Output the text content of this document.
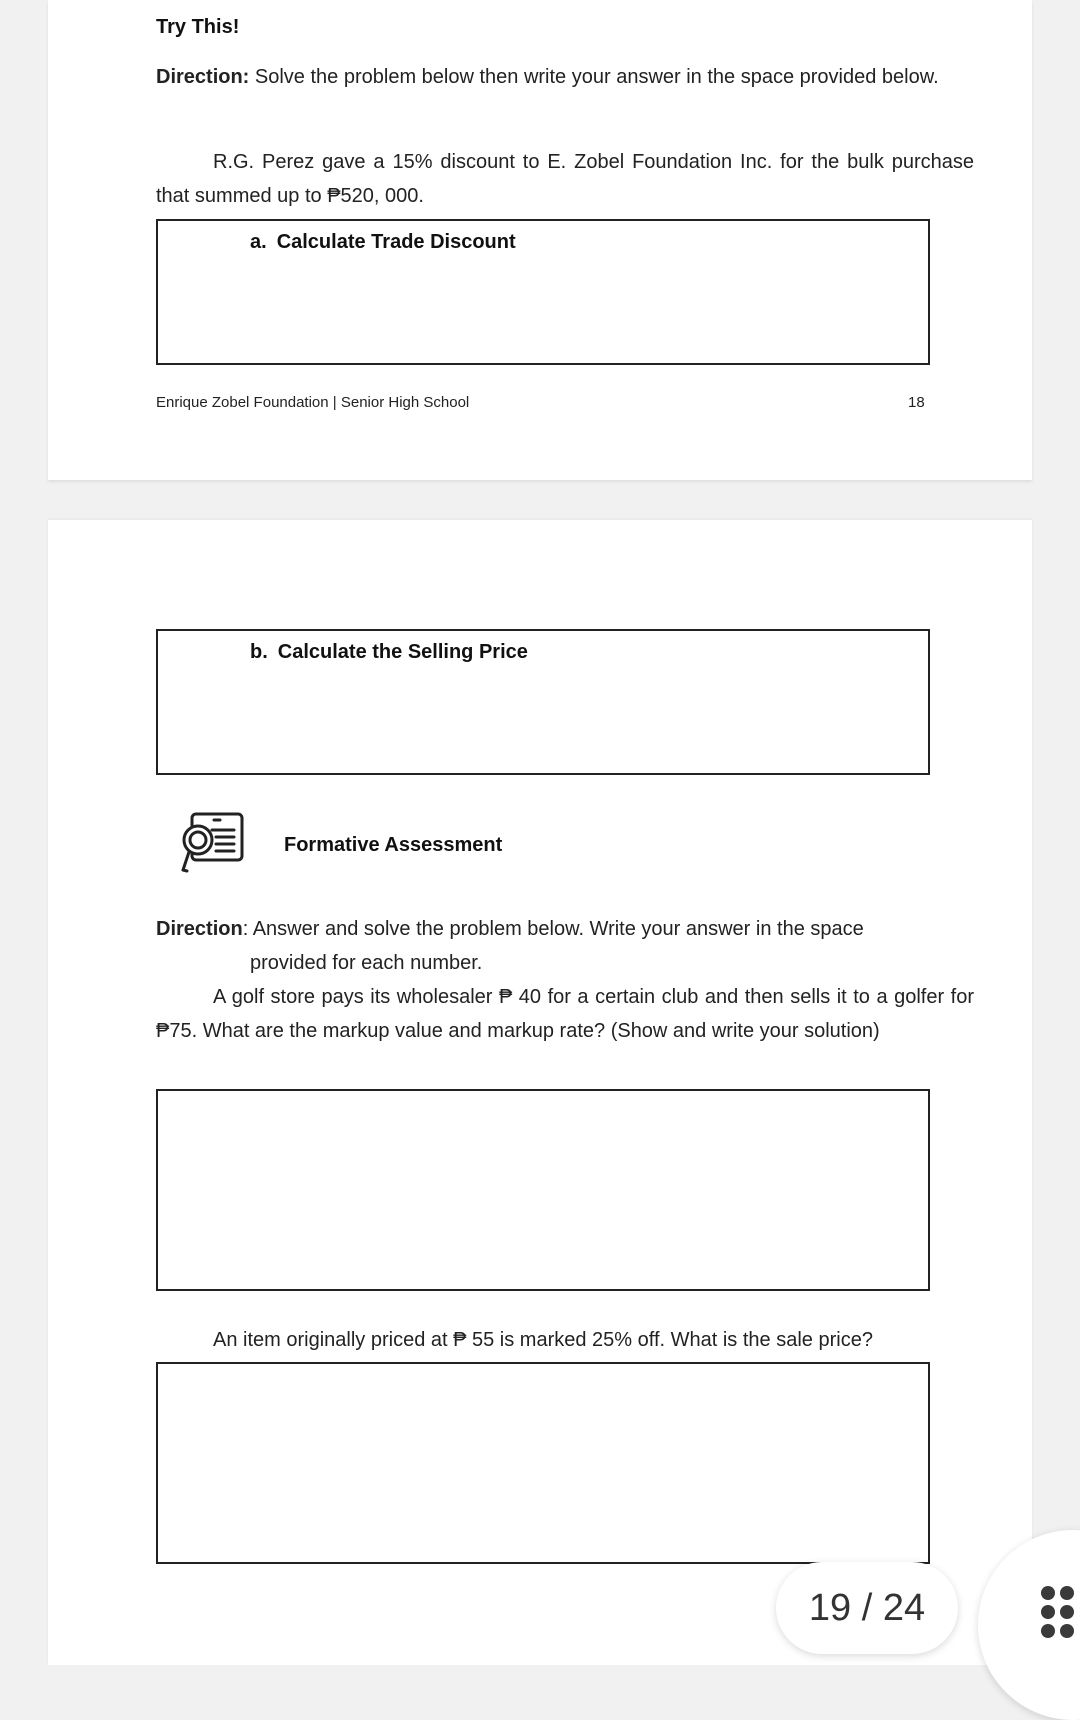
Try This!
Direction: Solve the problem below then write your answer in the space provided below.
R.G. Perez gave a 15% discount to E. Zobel Foundation Inc. for the bulk purchase that summed up to ₱520, 000.
a. Calculate Trade Discount
Enrique Zobel Foundation | Senior High School	18
b. Calculate the Selling Price
Formative Assessment
Direction: Answer and solve the problem below. Write your answer in the space
provided for each number.
A golf store pays its wholesaler ₱ 40 for a certain club and then sells it to a golfer for ₱75. What are the markup value and markup rate? (Show and write your solution)
An item originally priced at ₱ 55 is marked 25% off. What is the sale price?
19 / 24
